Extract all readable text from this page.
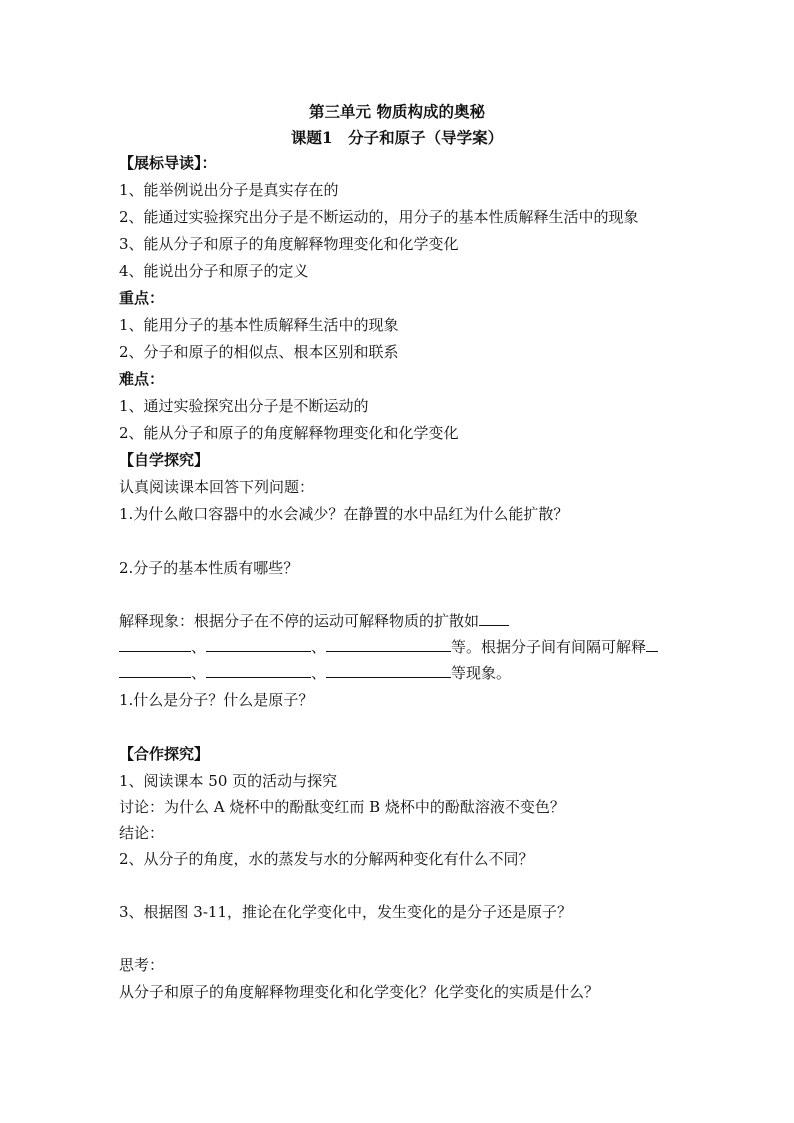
第三单元 物质构成的奥秘
课题1　分子和原子（导学案）
【展标导读】：
1、能举例说出分子是真实存在的
2、能通过实验探究出分子是不断运动的，用分子的基本性质解释生活中的现象
3、能从分子和原子的角度解释物理变化和化学变化
4、能说出分子和原子的定义
重点：
1、能用分子的基本性质解释生活中的现象
2、分子和原子的相似点、根本区别和联系
难点：
1、通过实验探究出分子是不断运动的
2、能从分子和原子的角度解释物理变化和化学变化
【自学探究】
认真阅读课本回答下列问题：
1.为什么敞口容器中的水会减少？在静置的水中品红为什么能扩散？
2.分子的基本性质有哪些？
解释现象：根据分子在不停的运动可解释物质的扩散如
、	、	等。根据分子间有间隔可解释
、	、	等现象。
1.什么是分子？什么是原子？
【合作探究】
1、阅读课本 50 页的活动与探究
讨论：为什么 A 烧杯中的酚酞变红而 B 烧杯中的酚酞溶液不变色？
结论：
2、从分子的角度，水的蒸发与水的分解两种变化有什么不同？
3、根据图 3-11，推论在化学变化中，发生变化的是分子还是原子？
思考：
从分子和原子的角度解释物理变化和化学变化？化学变化的实质是什么？
